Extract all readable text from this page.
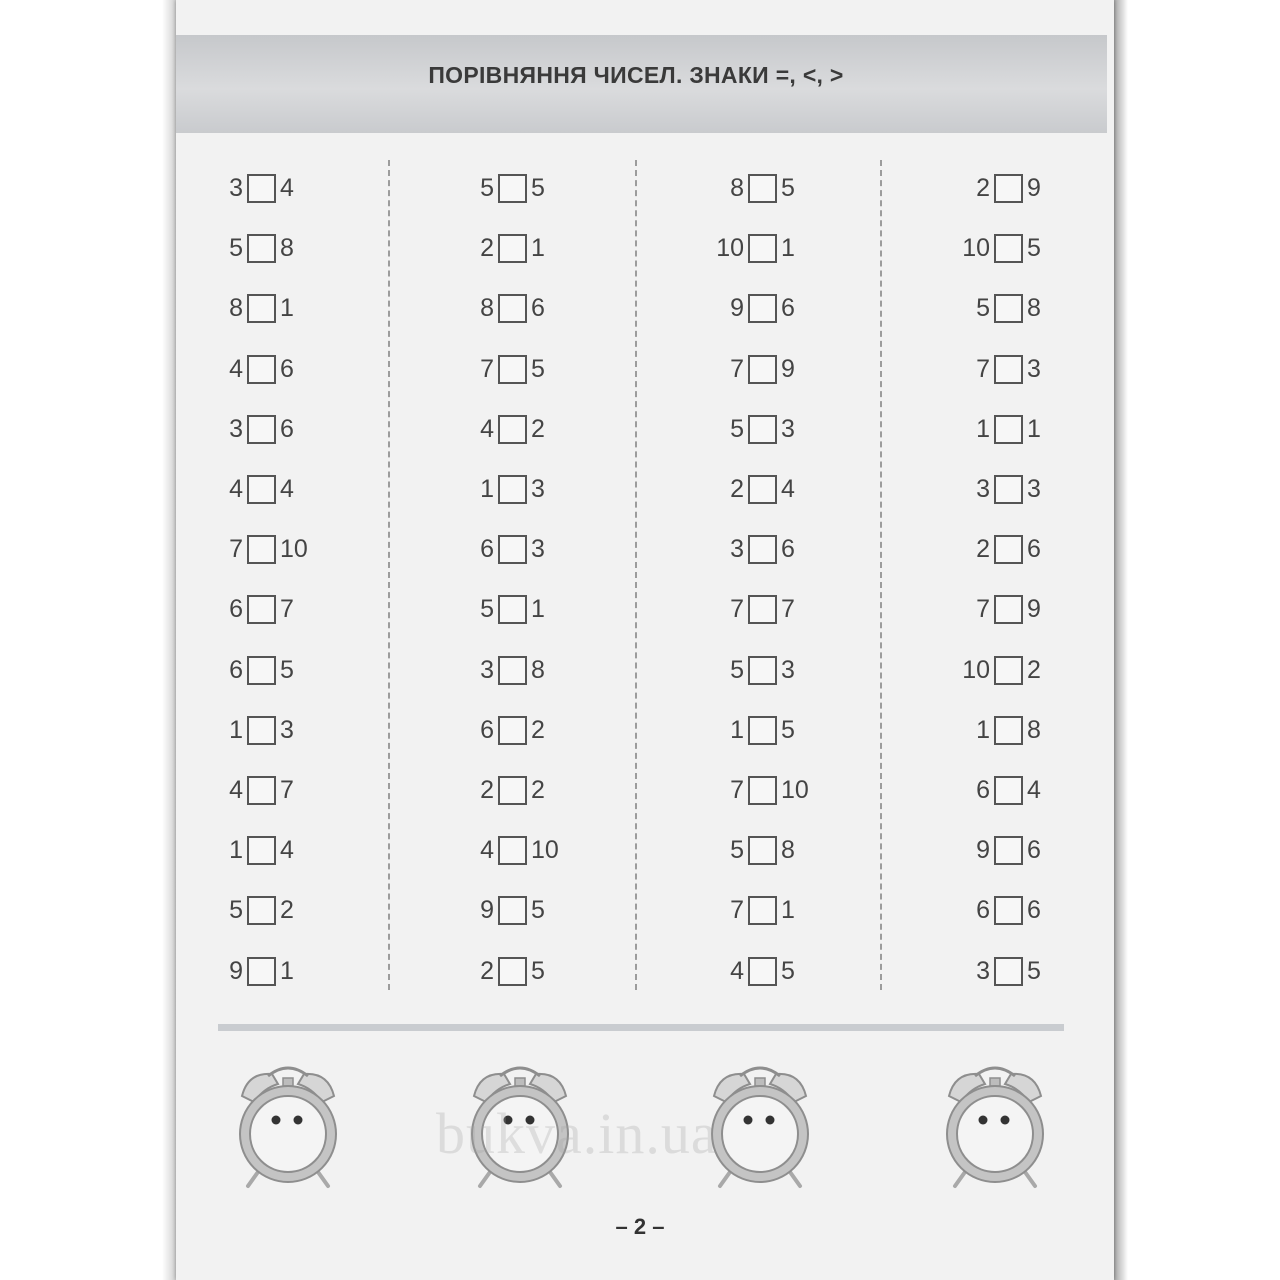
ПОРІВНЯННЯ ЧИСЕЛ. ЗНАКИ =, <, >
3 4
5 8
8 1
4 6
3 6
4 4
7 10
6 7
6 5
1 3
4 7
1 4
5 2
9 1
5 5
2 1
8 6
7 5
4 2
1 3
6 3
5 1
3 8
6 2
2 2
4 10
9 5
2 5
8 5
10 1
9 6
7 9
5 3
2 4
3 6
7 7
5 3
1 5
7 10
5 8
7 1
4 5
2 9
10 5
5 8
7 3
1 1
3 3
2 6
7 9
10 2
1 8
6 4
9 6
6 6
3 5
bukva.in.ua
– 2 –
